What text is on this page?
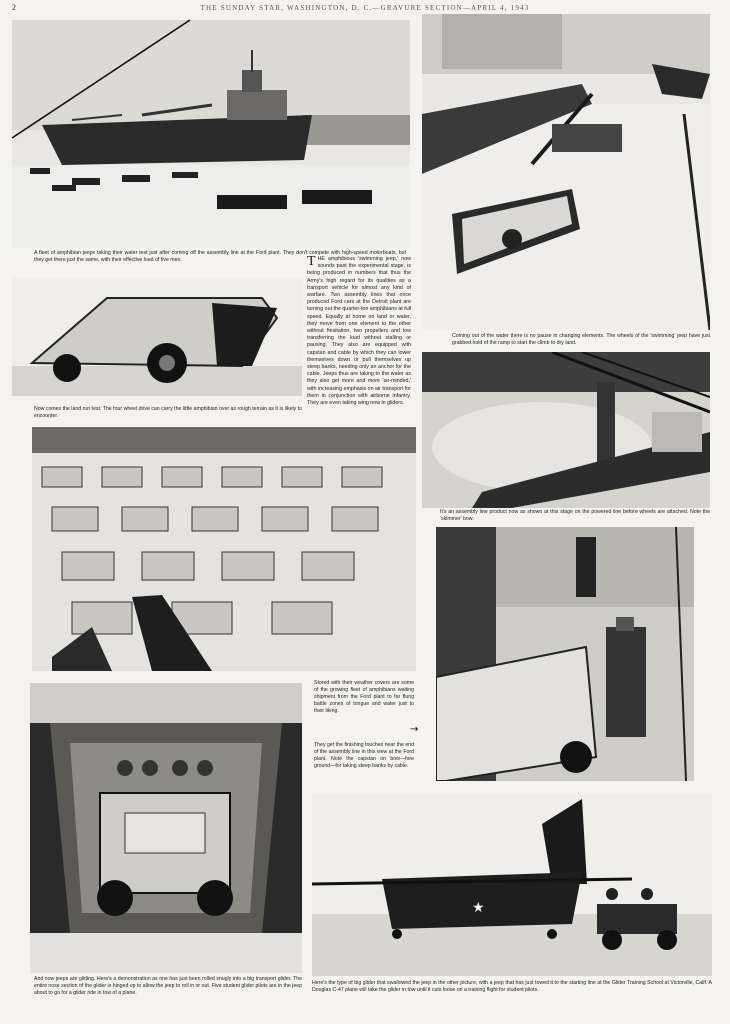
2	THE SUNDAY STAR, WASHINGTON, D. C.—GRAVURE SECTION—APRIL 4, 1943
A fleet of amphibian jeeps taking their water test just after coming off the assembly line at the Ford plant. They don't compete with high-speed motorboats, but they get there just the same, with their effective load of five men.
Now comes the land run test. The four wheel drive can carry the little amphibian over as rough terrain as it is likely to encounter.
THE amphibious 'swimming jeep,' now sounds past the experimental stage, is being produced in numbers that thus the Army's high regard for its qualities as a transport vehicle for almost any kind of warfare. Two assembly lines that once produced Ford cars at the Detroit plant are turning out the quarter-ton amphibians at full speed. Equally at home on land or water, they move from one element to the other without hesitation, two propellers and tow transferring the load without stalling or pausing. They also are equipped with capstan and cable by which they can lower themselves down or pull themselves up steep banks, needing only an anchor for the cable. Jeeps thus are taking to the water as they also get more and more 'air-minded,' with increasing emphasis on air transport for them in conjunction with airborne infantry. They are even taking wing now in gliders.
Coming out of the water there is no pause in changing elements. The wheels of the 'swimming' jeep have just grabbed hold of the ramp to start the climb to dry land.
It's an assembly line product now as shown at this stage on the powered line before wheels are attached. Note the 'skimmer' bow.
Stored with their weather covers are some of the growing fleet of amphibians waiting shipment from the Ford plant to far flung battle zones of tongue and water just to their liking.
→
They get the finishing touches near the end of the assembly line in this view at the Ford plant. Note the capstan on bow—fore ground—for taking steep banks by cable.
And now jeeps are gliding. Here's a demonstration as one has just been rolled snugly into a big transport glider. The entire nose section of the glider is hinged up to allow the jeep to roll in or out. Five student glider pilots are in the jeep about to go for a glider ride in tow of a plane.
★
Here's the type of big glider that swallowed the jeep in the other picture, with a jeep that has just towed it to the starting line at the Glider Training School at Victorville, Calif. A Douglas C-47 plane will take the glider in tow until it cuts loose on a training flight for student pilots.
